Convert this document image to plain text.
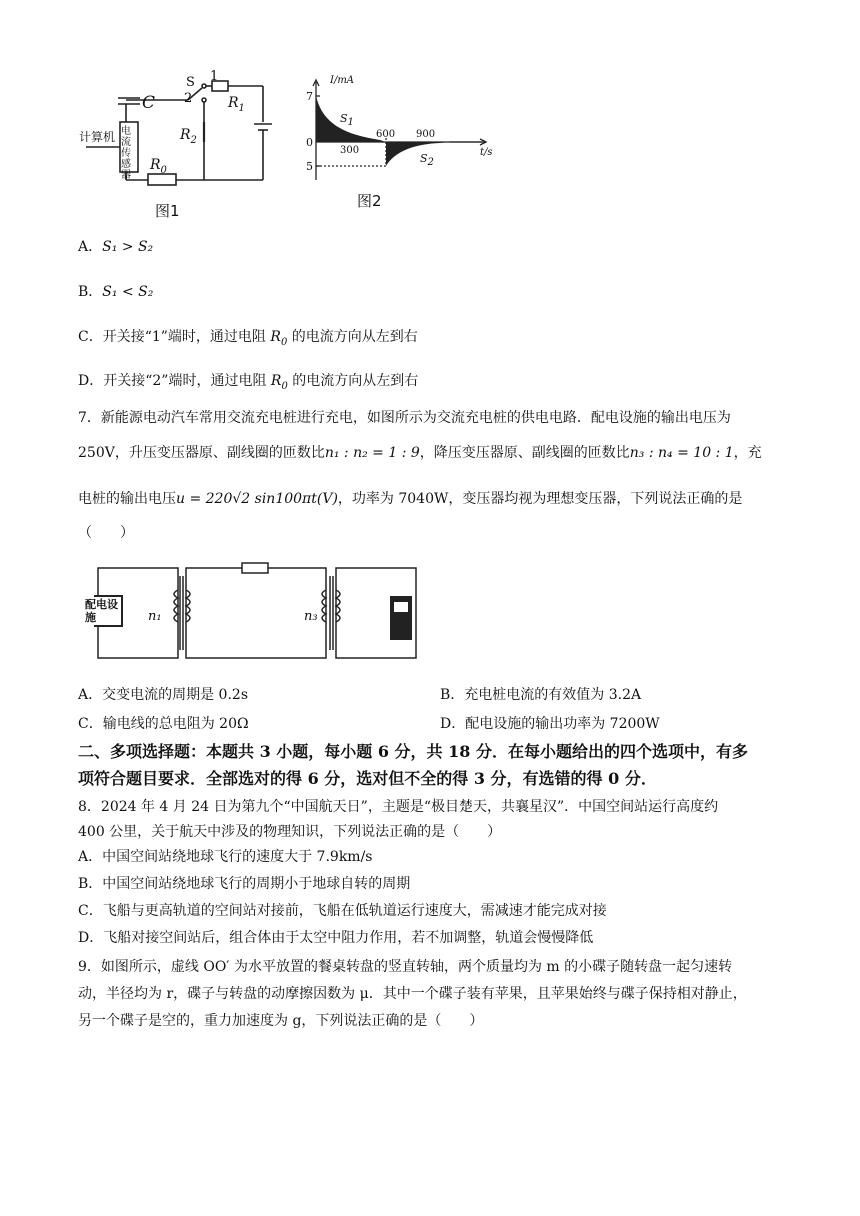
S 1
2
C	$R_1$
$R_2$
$R_0$
计算机 电流传感器
图1
I/mA
t/s
7
0
5
300
600 900
$S_1$
$S_2$
图2
A．S₁ > S₂
B．S₁ < S₂
C．开关接“1”端时，通过电阻 $R_0$ 的电流方向从左到右
D．开关接“2”端时，通过电阻 $R_0$ 的电流方向从左到右
7．新能源电动汽车常用交流充电桩进行充电，如图所示为交流充电桩的供电电路．配电设施的输出电压为
250V，升压变压器原、副线圈的匝数比n₁ : n₂ = 1 : 9，降压变压器原、副线圈的匝数比n₃ : n₄ = 10 : 1，充
电桩的输出电压u = 220√2 sin100πt(V)，功率为 7040W，变压器均视为理想变压器，下列说法正确的是
（　　）
配电设施	n₁	n₃
A．交变电流的周期是 0.2s	B．充电桩电流的有效值为 3.2A
C．输电线的总电阻为 20Ω	D．配电设施的输出功率为 7200W
二、多项选择题：本题共 3 小题，每小题 6 分，共 18 分．在每小题给出的四个选项中，有多
项符合题目要求．全部选对的得 6 分，选对但不全的得 3 分，有选错的得 0 分．
8．2024 年 4 月 24 日为第九个“中国航天日”，主题是“极目楚天，共襄星汉”．中国空间站运行高度约
400 公里，关于航天中涉及的物理知识，下列说法正确的是（　　）
A．中国空间站绕地球飞行的速度大于 7.9km/s
B．中国空间站绕地球飞行的周期小于地球自转的周期
C．飞船与更高轨道的空间站对接前，飞船在低轨道运行速度大，需减速才能完成对接
D．飞船对接空间站后，组合体由于太空中阻力作用，若不加调整，轨道会慢慢降低
9．如图所示，虚线 OO′ 为水平放置的餐桌转盘的竖直转轴，两个质量均为 m 的小碟子随转盘一起匀速转
动，半径均为 r，碟子与转盘的动摩擦因数为 μ．其中一个碟子装有苹果，且苹果始终与碟子保持相对静止，
另一个碟子是空的，重力加速度为 g，下列说法正确的是（　　）
